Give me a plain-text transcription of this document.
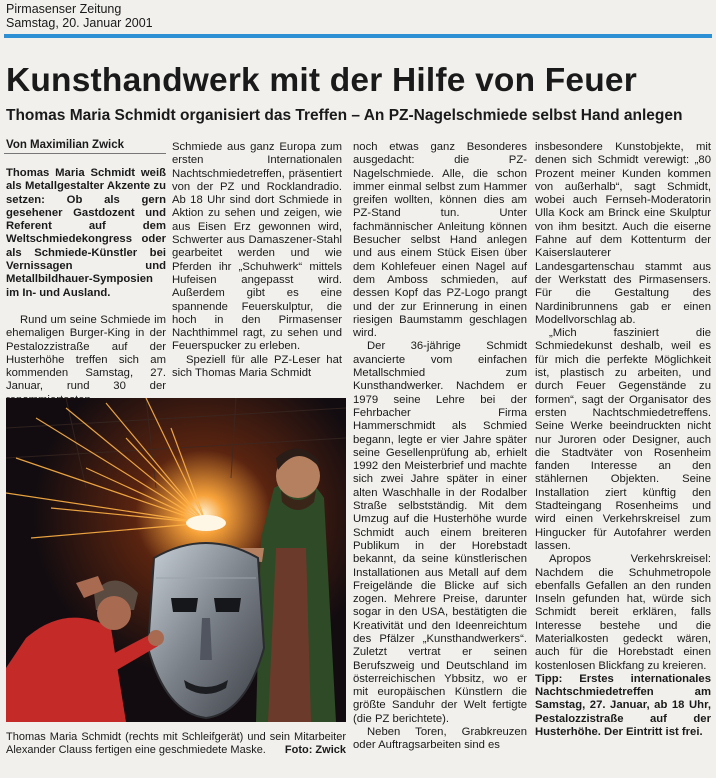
Pirmasenser Zeitung
Samstag, 20. Januar 2001
Kunsthandwerk mit der Hilfe von Feuer
Thomas Maria Schmidt organisiert das Treffen – An PZ-Nagelschmiede selbst Hand anlegen
Von Maximilian Zwick

Thomas Maria Schmidt weiß als Metallgestalter Akzente zu setzen: Ob als gern gesehener Gastdozent und Referent auf dem Weltschmiedekongress oder als Schmiede-Künstler bei Vernissagen und Metallbildhauer-Symposien im In- und Ausland.

Rund um seine Schmiede im ehemaligen Burger-King in der Pestalozzistraße auf der Husterhöhe treffen sich am kommenden Samstag, 27. Januar, rund 30 der

Schmiede aus ganz Europa zum ersten Internationalen Nachtschmiedetreffen, präsentiert von der PZ und Rocklandradio. Ab 18 Uhr sind dort Schmiede in Aktion zu sehen und zeigen, wie aus Eisen Erz gewonnen wird, Schwerter aus Damaszener-Stahl gearbeitet werden und wie Pferden ihr „Schuhwerk“ mittels Hufeisen angepasst wird. Außerdem gibt es eine spannende Feuerskulptur, die hoch in den Pirmasenser Nachthimmel ragt, zu sehen und Feuerspucker zu erleben.

Speziell für alle PZ-Leser hat sich Thomas Maria Schmidt

noch etwas ganz Besonderes ausgedacht: die PZ-Nagelschmiede. Alle, die schon immer einmal selbst zum Hammer greifen wollten, können dies am PZ-Stand tun. Unter fachmännischer Anleitung können Besucher selbst Hand anlegen und aus einem Stück Eisen über dem Kohlefeuer einen Nagel auf dem Amboss schmieden, auf dessen Kopf das PZ-Logo prangt und der zur Erinnerung in einen riesigen Baumstamm geschlagen wird.

Der 36-jährige Schmidt avancierte vom einfachen Metallschmied zum Kunsthandwerker. Nachdem er 1979 seine Lehre bei der Fehrbacher Firma Hammerschmidt als Schmied begann, legte er vier Jahre später seine Gesellenprüfung ab, erhielt 1992 den Meisterbrief und machte sich zwei Jahre später in einer alten Waschhalle in der Rodalber Straße selbstständig. Mit dem Umzug auf die Husterhöhe wurde Schmidt auch einem breiteren Publikum in der Horebstadt bekannt, da seine künstlerischen Installationen aus Metall auf dem Freigelände die Blicke auf sich zogen. Mehrere Preise, darunter sogar in den USA, bestätigten die Kreativität und den Ideenreichtum des Pfälzer „Kunsthandwerkers“. Zuletzt vertrat er seinen Berufszweig und Deutschland im österreichischen Ybbsitz, wo er mit europäischen Künstlern die größte Sanduhr der Welt fertigte (die PZ berichtete).

Neben Toren, Grabkreuzen oder Auftragsarbeiten sind es

insbesondere Kunstobjekte, mit denen sich Schmidt verewigt: „80 Prozent meiner Kunden kommen von außerhalb“, sagt Schmidt, wobei auch Fernseh-Moderatorin Ulla Kock am Brinck eine Skulptur von ihm besitzt. Auch die eiserne Fahne auf dem Kottenturm der Kaiserslauterer Landesgartenschau stammt aus der Werkstatt des Pirmasensers. Für die Gestaltung des Nardinibrunnens gab er einen Modellvorschlag ab.

„Mich fasziniert die Schmiedekunst deshalb, weil es für mich die perfekte Möglichkeit ist, plastisch zu arbeiten, und durch Feuer Gegenstände zu formen“, sagt der Organisator des ersten Nachtschmiedetreffens. Seine Werke beeindruckten nicht nur Juroren oder Designer, auch die Stadtväter von Rosenheim fanden Interesse an den stählernen Objekten. Seine Installation ziert künftig den Stadteingang Rosenheims und wird einen Verkehrskreisel zum Hingucker für Autofahrer werden lassen.

Apropos Verkehrskreisel: Nachdem die Schuhmetropole ebenfalls Gefallen an den runden Inseln gefunden hat, würde sich Schmidt bereit erklären, falls Interesse bestehe und die Materialkosten gedeckt wären, auch für die Horebstadt einen kostenlosen Blickfang zu kreieren.

Tipp: Erstes internationales Nachtschmiedetreffen am Samstag, 27. Januar, ab 18 Uhr, Pestalozzistraße auf der Husterhöhe. Der Eintritt ist frei.

Thomas Maria Schmidt (rechts mit Schleifgerät) und sein Mitarbeiter Alexander Clauss fertigen eine geschmiedete Maske. Foto: Zwick
